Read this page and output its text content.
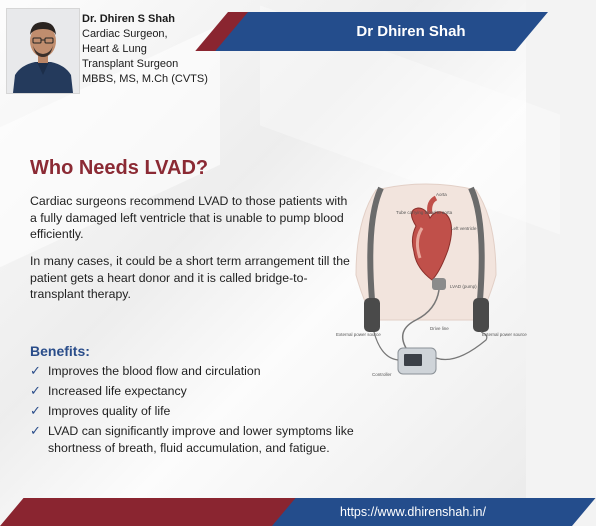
Dr. Dhiren S Shah
Cardiac Surgeon,
Heart & Lung
Transplant Surgeon
MBBS, MS, M.Ch (CVTS)
Dr Dhiren Shah
Who Needs LVAD?

Cardiac surgeons recommend LVAD to those patients with a fully damaged left ventricle that is unable to pump blood efficiently.

In many cases, it could be a short term arrangement till the patient gets a heart donor and it is called bridge-to-transplant therapy.

Benefits:
✓ Improves the blood flow and circulation
✓ Increased life expectancy
✓ Improves quality of life
✓ LVAD can significantly improve and lower symptoms like shortness of breath, fluid accumulation, and fatigue.
Aorta
Tube carrying blood to aorta
Left ventricle
LVAD (pump)
Drive line
External power source	External power source
Controller
https://www.dhirenshah.in/
